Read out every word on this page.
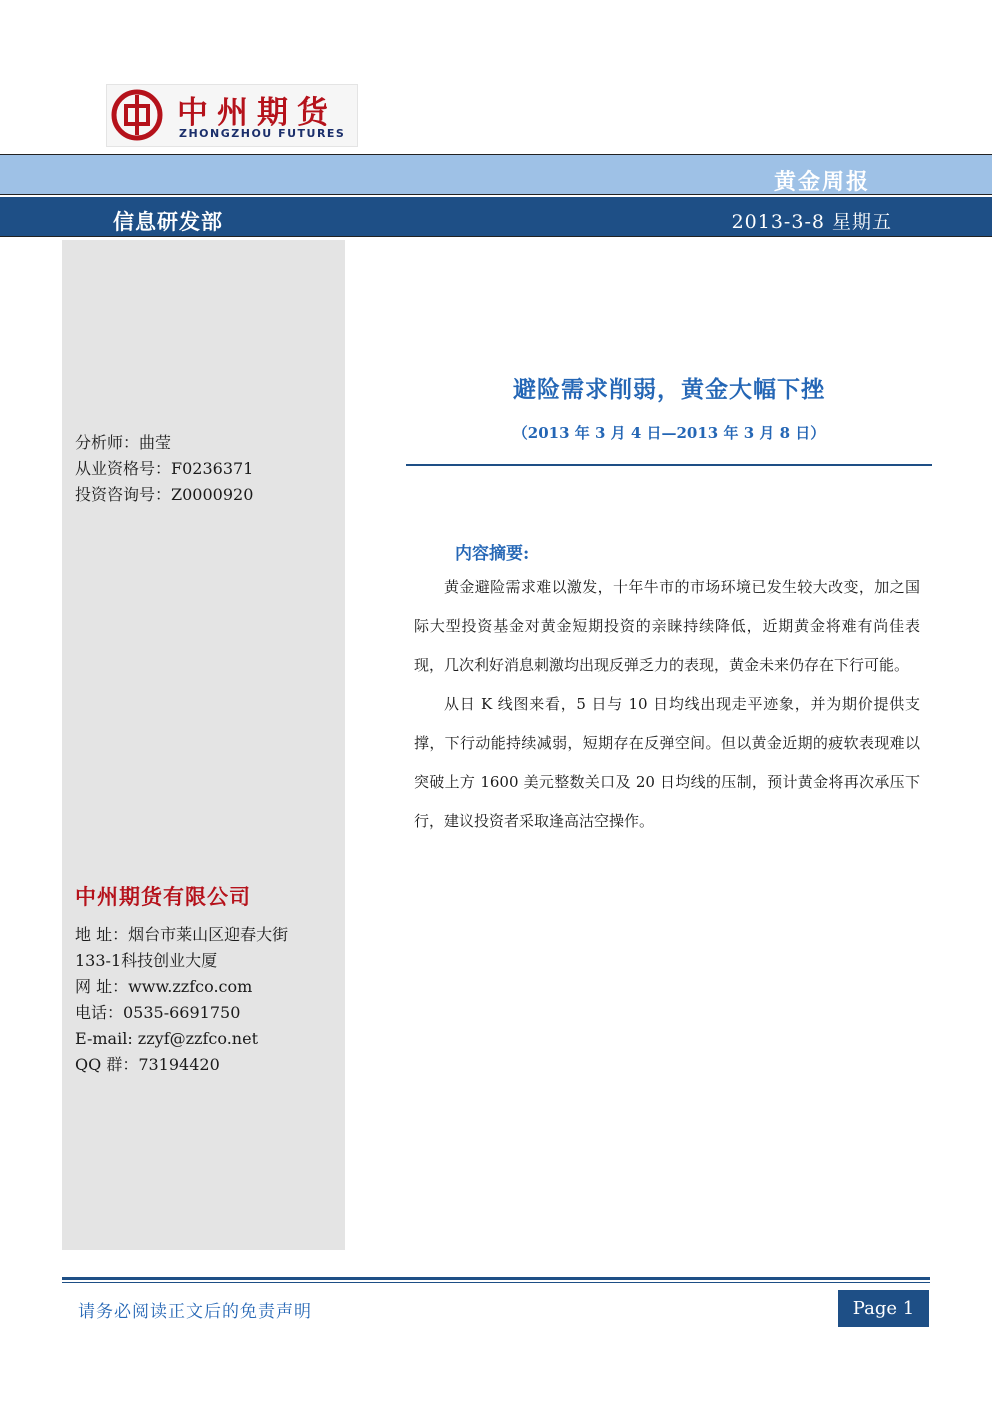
中州期货
ZHONGZHOU FUTURES
黄金周报
信息研发部	2013-3-8 星期五
分析师：曲莹
从业资格号：F0236371
投资咨询号：Z0000920
中州期货有限公司
地 址：烟台市莱山区迎春大街
133-1科技创业大厦
网 址：www.zzfco.com
电话：0535-6691750
E-mail: zzyf@zzfco.net
QQ 群：73194420
避险需求削弱，黄金大幅下挫
（2013 年 3 月 4 日—2013 年 3 月 8 日）
内容摘要:

黄金避险需求难以激发，十年牛市的市场环境已发生较大改变，加之国际大型投资基金对黄金短期投资的亲睐持续降低，近期黄金将难有尚佳表现，几次利好消息刺激均出现反弹乏力的表现，黄金未来仍存在下行可能。

从日 K 线图来看，5 日与 10 日均线出现走平迹象，并为期价提供支撑，下行动能持续减弱，短期存在反弹空间。但以黄金近期的疲软表现难以突破上方 1600 美元整数关口及 20 日均线的压制，预计黄金将再次承压下行，建议投资者采取逢高沽空操作。

请务必阅读正文后的免责声明	Page 1
